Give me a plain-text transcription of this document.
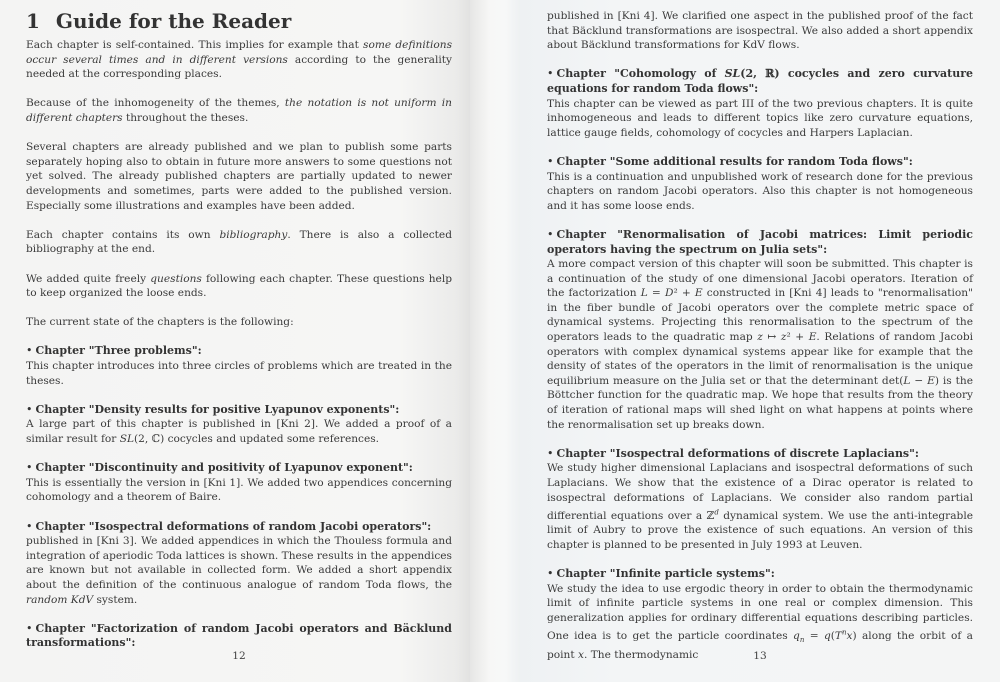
1 Guide for the Reader

Each chapter is self-contained. This implies for example that some definitions occur several times and in different versions according to the generality needed at the corresponding places.

Because of the inhomogeneity of the themes, the notation is not uniform in different chapters throughout the theses.

Several chapters are already published and we plan to publish some parts separately hoping also to obtain in future more answers to some questions not yet solved. The already published chapters are partially updated to newer developments and sometimes, parts were added to the published version. Especially some illustrations and examples have been added.

Each chapter contains its own bibliography. There is also a collected bibliography at the end.

We added quite freely questions following each chapter. These questions help to keep organized the loose ends.

The current state of the chapters is the following:

• Chapter "Three problems":
This chapter introduces into three circles of problems which are treated in the theses.
• Chapter "Density results for positive Lyapunov exponents":
A large part of this chapter is published in [Kni 2]. We added a proof of a similar result for SL(2, ℂ) cocycles and updated some references.
• Chapter "Discontinuity and positivity of Lyapunov exponent":
This is essentially the version in [Kni 1]. We added two appendices concerning cohomology and a theorem of Baire.
• Chapter "Isospectral deformations of random Jacobi operators":
published in [Kni 3]. We added appendices in which the Thouless formula and integration of aperiodic Toda lattices is shown. These results in the appendices are known but not available in collected form. We added a short appendix about the definition of the continuous analogue of random Toda flows, the random KdV system.
• Chapter "Factorization of random Jacobi operators and Bäcklund transformations":
12

published in [Kni 4]. We clarified one aspect in the published proof of the fact that Bäcklund transformations are isospectral. We also added a short appendix about Bäcklund transformations for KdV flows.

• Chapter "Cohomology of SL(2, ℝ) cocycles and zero curvature equations for random Toda flows":
This chapter can be viewed as part III of the two previous chapters. It is quite inhomogeneous and leads to different topics like zero curvature equations, lattice gauge fields, cohomology of cocycles and Harpers Laplacian.
• Chapter "Some additional results for random Toda flows":
This is a continuation and unpublished work of research done for the previous chapters on random Jacobi operators. Also this chapter is not homogeneous and it has some loose ends.
• Chapter "Renormalisation of Jacobi matrices: Limit periodic operators having the spectrum on Julia sets":
A more compact version of this chapter will soon be submitted. This chapter is a continuation of the study of one dimensional Jacobi operators. Iteration of the factorization L = D² + E constructed in [Kni 4] leads to "renormalisation" in the fiber bundle of Jacobi operators over the complete metric space of dynamical systems. Projecting this renormalisation to the spectrum of the operators leads to the quadratic map z ↦ z² + E. Relations of random Jacobi operators with complex dynamical systems appear like for example that the density of states of the operators in the limit of renormalisation is the unique equilibrium measure on the Julia set or that the determinant det(L − E) is the Böttcher function for the quadratic map. We hope that results from the theory of iteration of rational maps will shed light on what happens at points where the renormalisation set up breaks down.
• Chapter "Isospectral deformations of discrete Laplacians":
We study higher dimensional Laplacians and isospectral deformations of such Laplacians. We show that the existence of a Dirac operator is related to isospectral deformations of Laplacians. We consider also random partial differential equations over a ℤ$^d$ dynamical system. We use the anti-integrable limit of Aubry to prove the existence of such equations. An version of this chapter is planned to be presented in July 1993 at Leuven.
• Chapter "Infinite particle systems":
We study the idea to use ergodic theory in order to obtain the thermodynamic limit of infinite particle systems in one real or complex dimension. This generalization applies for ordinary differential equations describing particles. One idea is to get the particle coordinates $q_n = q(T^nx)$ along the orbit of a point x. The thermodynamic	13
